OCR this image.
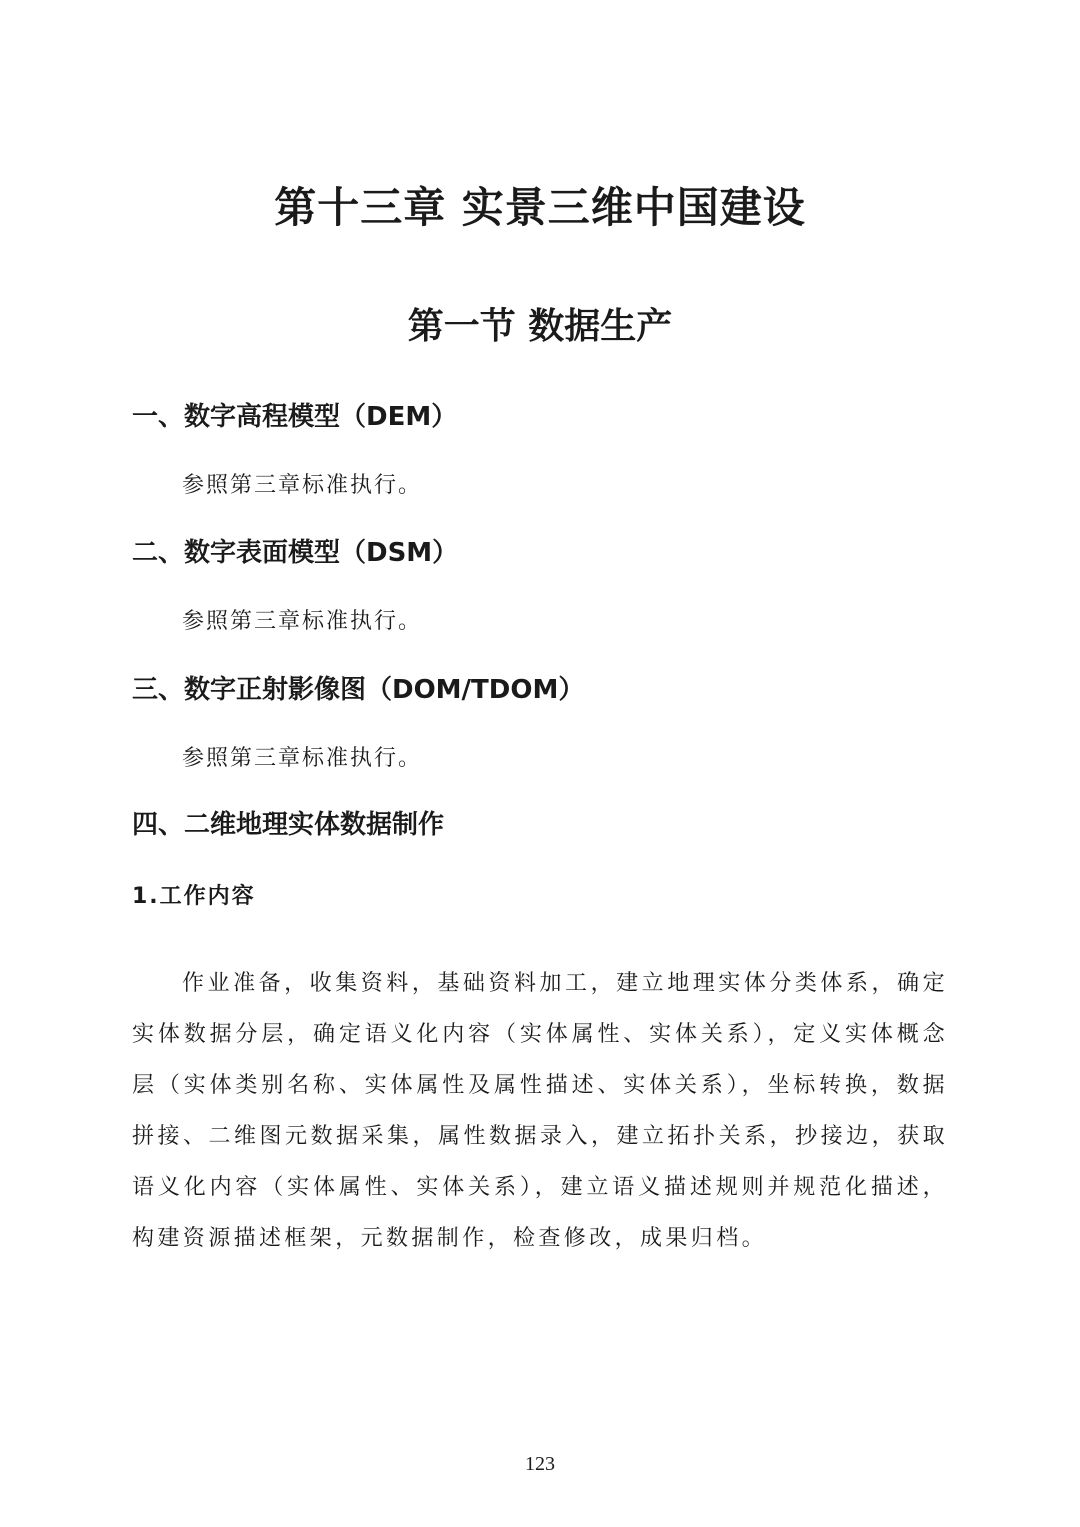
第十三章 实景三维中国建设
第一节 数据生产
一、数字高程模型（DEM）

参照第三章标准执行。

二、数字表面模型（DSM）

参照第三章标准执行。

三、数字正射影像图（DOM/TDOM）

参照第三章标准执行。

四、二维地理实体数据制作
1.工作内容

作业准备，收集资料，基础资料加工，建立地理实体分类体系，确定实体数据分层，确定语义化内容（实体属性、实体关系），定义实体概念层（实体类别名称、实体属性及属性描述、实体关系），坐标转换，数据拼接、二维图元数据采集，属性数据录入，建立拓扑关系，抄接边，获取语义化内容（实体属性、实体关系），建立语义描述规则并规范化描述，构建资源描述框架，元数据制作，检查修改，成果归档。

123
